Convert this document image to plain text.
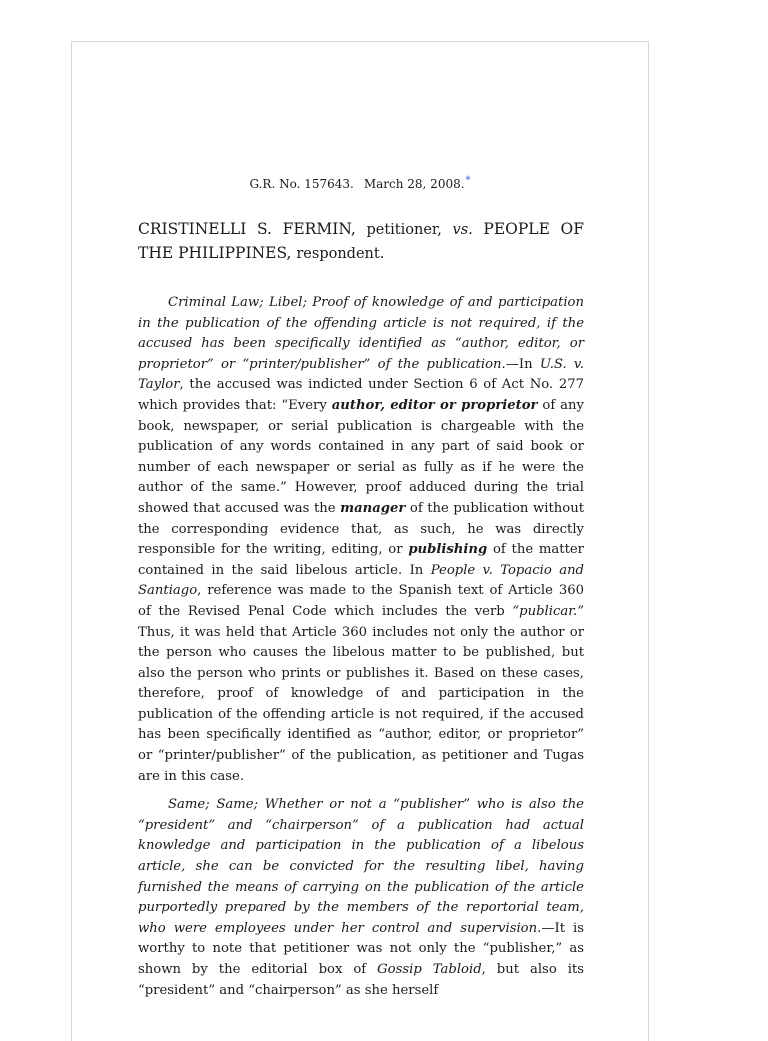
G.R. No. 157643. March 28, 2008.*
CRISTINELLI S. FERMIN, petitioner, vs. PEOPLE OF THE PHILIPPINES, respondent.

Criminal Law; Libel; Proof of knowledge of and participation in the publication of the offending article is not required, if the accused has been specifically identified as “author, editor, or proprietor” or “printer/publisher” of the publication.—In U.S. v. Taylor, the accused was indicted under Section 6 of Act No. 277 which provides that: “Every author, editor or proprietor of any book, newspaper, or serial publication is chargeable with the publication of any words contained in any part of said book or number of each newspaper or serial as fully as if he were the author of the same.” However, proof adduced during the trial showed that accused was the manager of the publication without the corresponding evidence that, as such, he was directly responsible for the writing, editing, or publishing of the matter contained in the said libelous article. In People v. Topacio and Santiago, reference was made to the Spanish text of Article 360 of the Revised Penal Code which includes the verb “publicar.” Thus, it was held that Article 360 includes not only the author or the person who causes the libelous matter to be published, but also the person who prints or publishes it. Based on these cases, therefore, proof of knowledge of and participation in the publication of the offending article is not required, if the accused has been specifically identified as “author, editor, or proprietor” or “printer/publisher” of the publication, as petitioner and Tugas are in this case.

Same; Same; Whether or not a “publisher” who is also the “president” and “chairperson” of a publication had actual knowledge and participation in the publication of a libelous article, she can be convicted for the resulting libel, having furnished the means of carrying on the publication of the article purportedly prepared by the members of the reportorial team, who were employees under her control and supervision.—It is worthy to note that petitioner was not only the “publisher,” as shown by the editorial box of Gossip Tabloid, but also its “president” and “chairperson” as she herself
